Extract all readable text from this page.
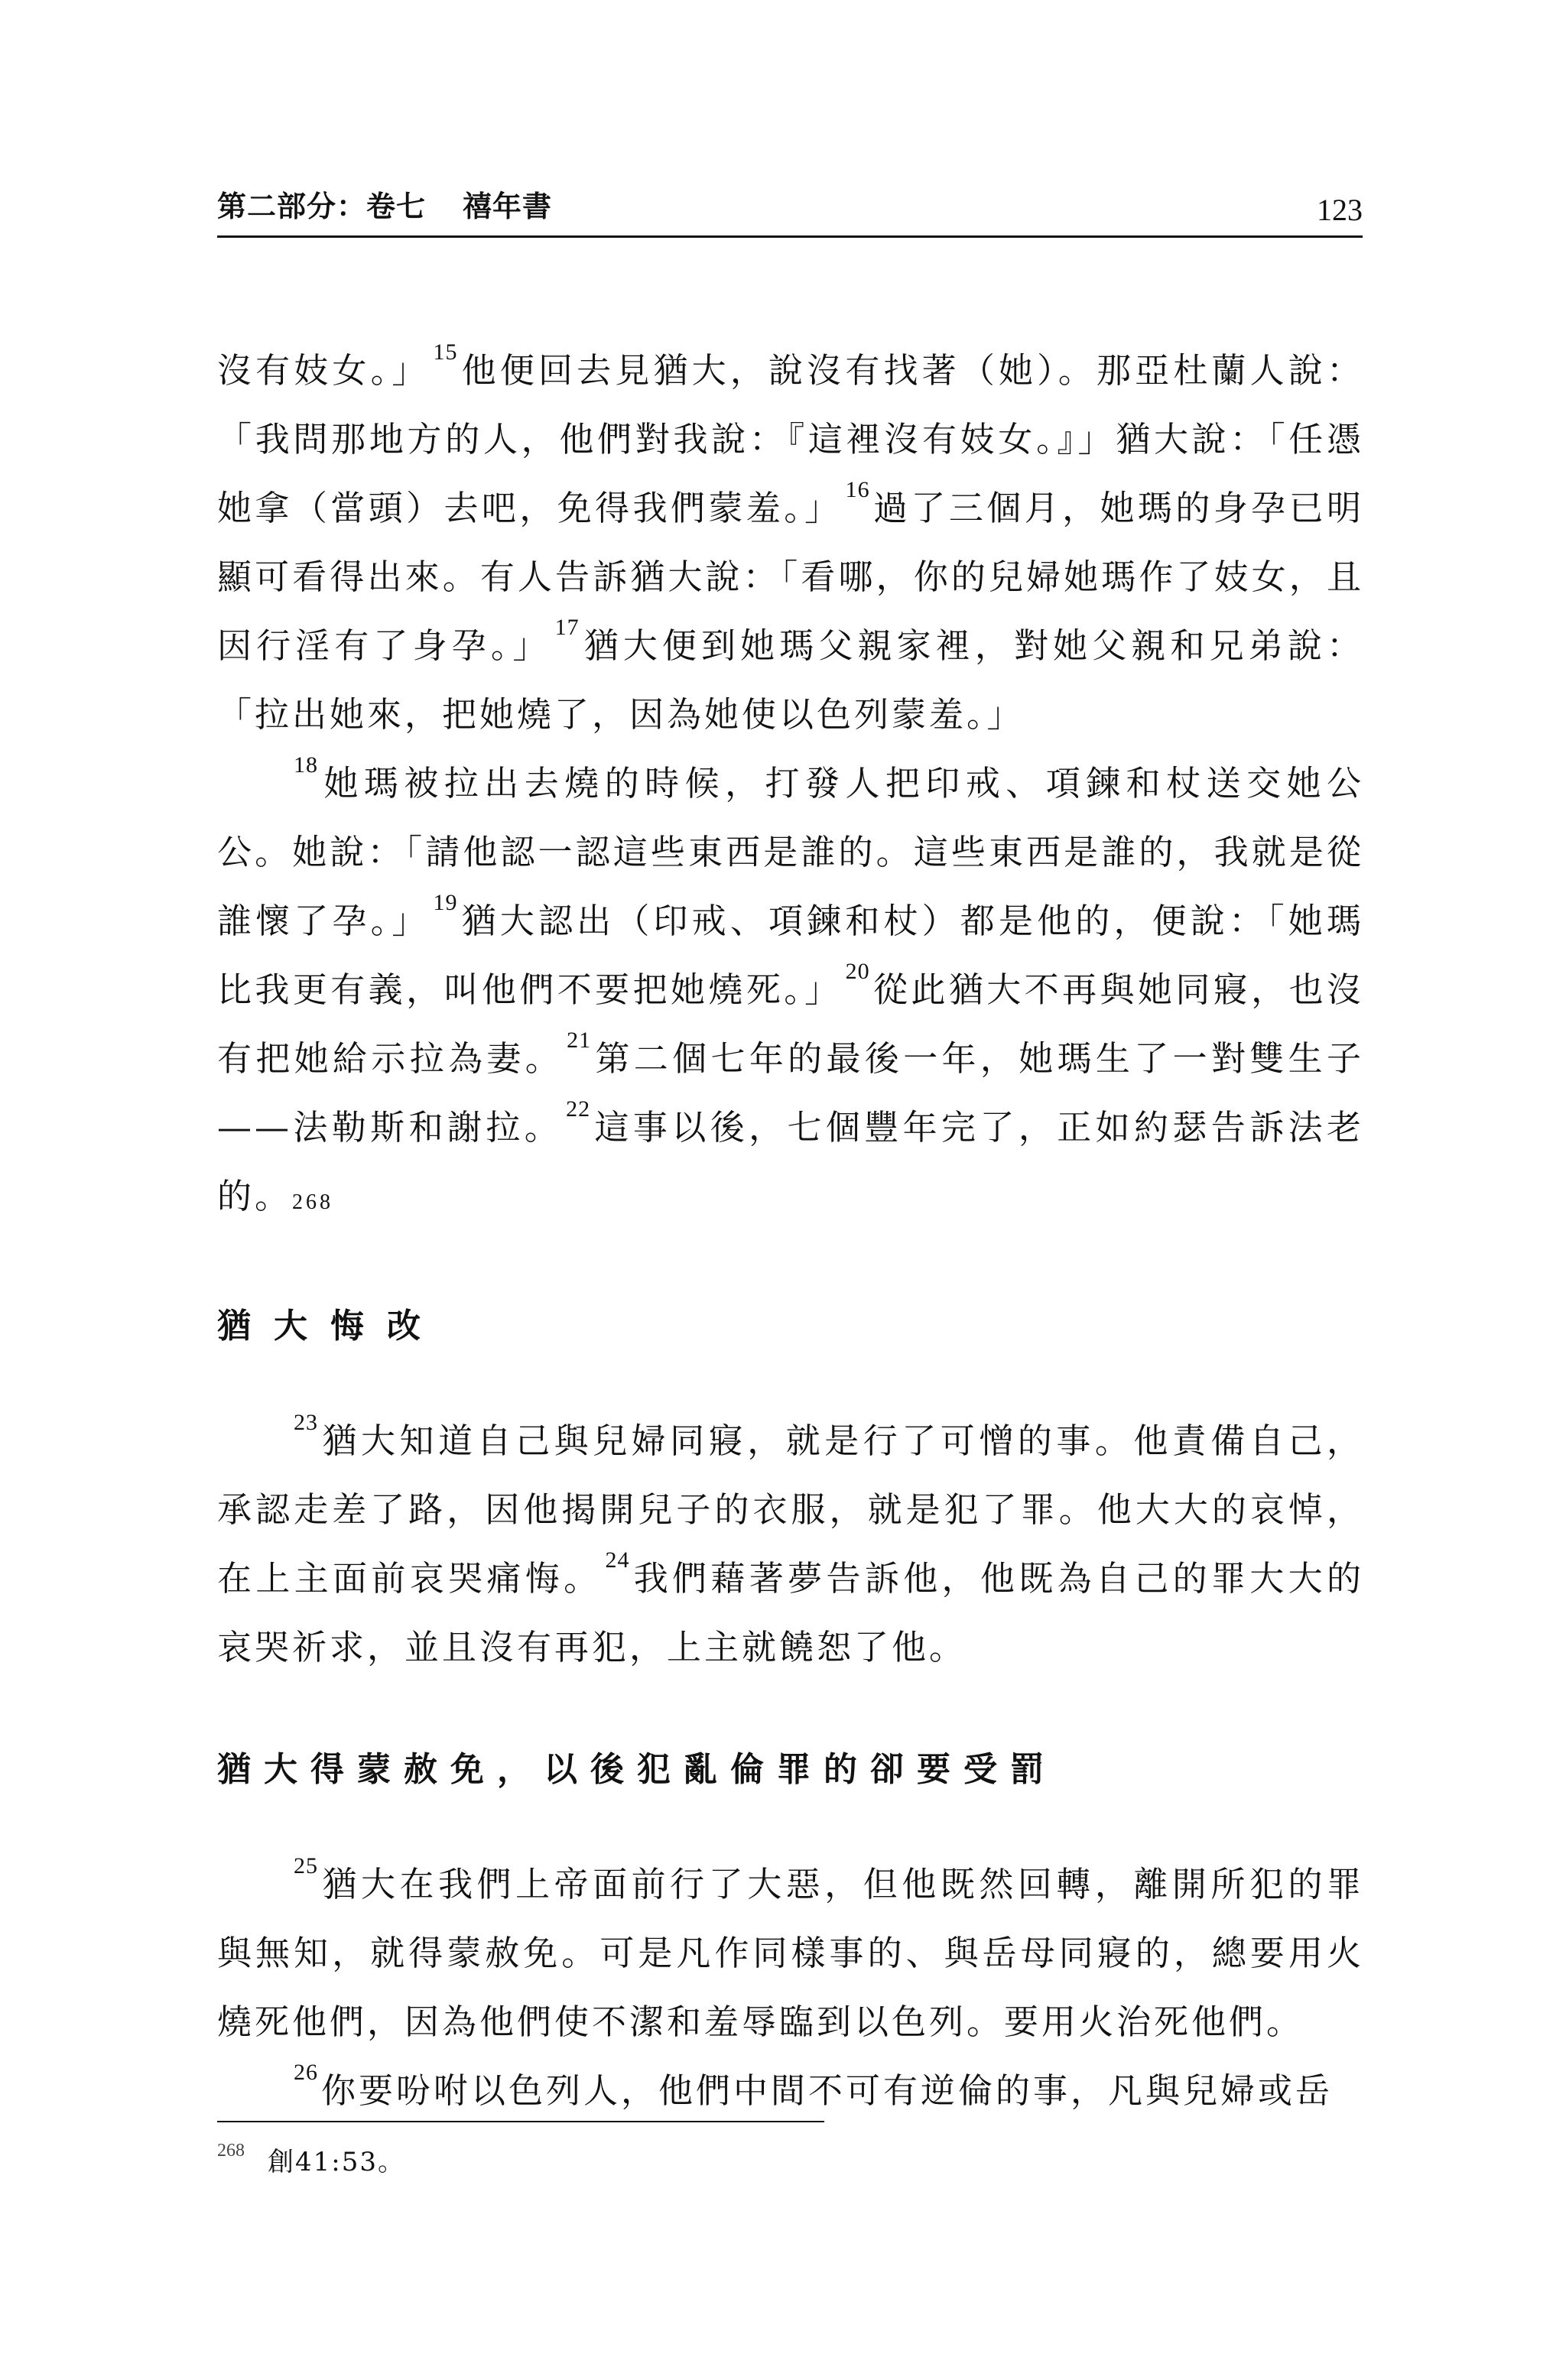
第二部分：卷七 禧年書	123

沒有妓女。」 $^{15}$他便回去見猶大，說沒有找著（她）。那亞杜蘭人說：「我問那地方的人，他們對我說：『這裡沒有妓女。』」猶大說：「任憑她拿（當頭）去吧，免得我們蒙羞。」 $^{16}$過了三個月，她瑪的身孕已明顯可看得出來。有人告訴猶大說：「看哪，你的兒婦她瑪作了妓女，且因行淫有了身孕。」 $^{17}$猶大便到她瑪父親家裡，對她父親和兄弟說：「拉出她來，把她燒了，因為她使以色列蒙羞。」

$^{18}$她瑪被拉出去燒的時候，打發人把印戒、項鍊和杖送交她公公。她說：「請他認一認這些東西是誰的。這些東西是誰的，我就是從誰懷了孕。」 $^{19}$猶大認出（印戒、項鍊和杖）都是他的，便說：「她瑪比我更有義，叫他們不要把她燒死。」 $^{20}$從此猶大不再與她同寢，也沒有把她給示拉為妻。 $^{21}$第二個七年的最後一年，她瑪生了一對雙生子——法勒斯和謝拉。 $^{22}$這事以後，七個豐年完了，正如約瑟告訴法老的。$^{268}$

猶大悔改

$^{23}$猶大知道自己與兒婦同寢，就是行了可憎的事。他責備自己，承認走差了路，因他揭開兒子的衣服，就是犯了罪。他大大的哀悼，在上主面前哀哭痛悔。 $^{24}$我們藉著夢告訴他，他既為自己的罪大大的哀哭祈求，並且沒有再犯，上主就饒恕了他。

猶大得蒙赦免，以後犯亂倫罪的卻要受罰

$^{25}$猶大在我們上帝面前行了大惡，但他既然回轉，離開所犯的罪與無知，就得蒙赦免。可是凡作同樣事的、與岳母同寢的，總要用火燒死他們，因為他們使不潔和羞辱臨到以色列。要用火治死他們。

$^{26}$你要吩咐以色列人，他們中間不可有逆倫的事，凡與兒婦或岳

$^{268}$ 創41:53。
